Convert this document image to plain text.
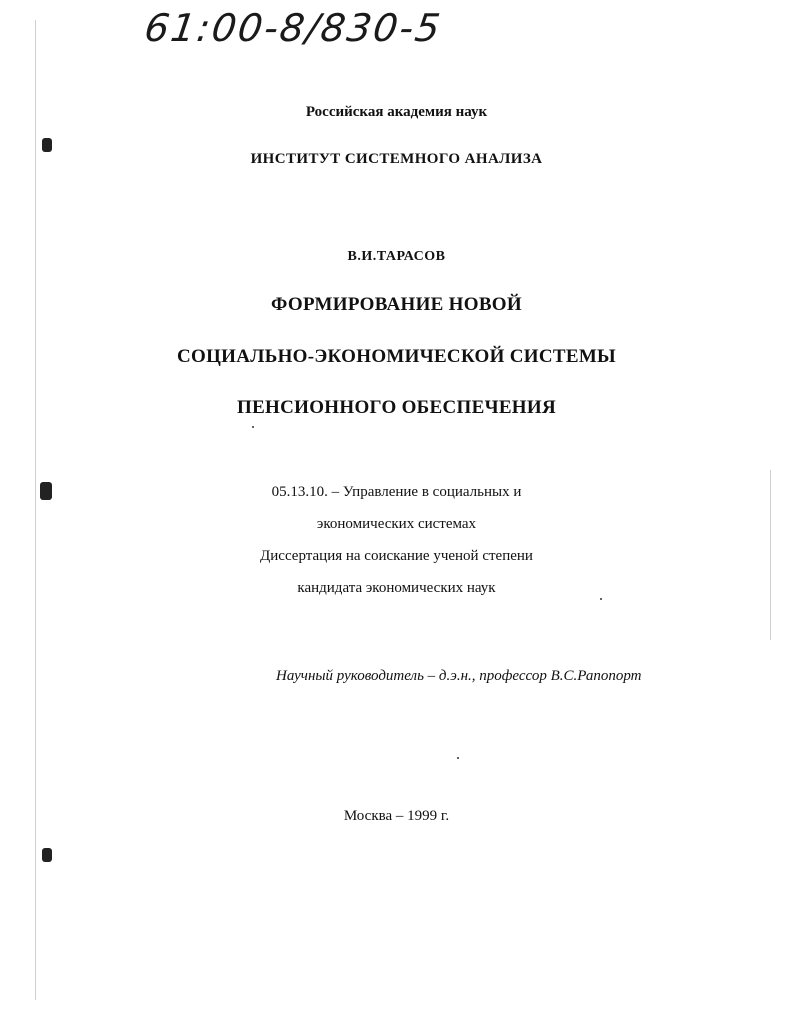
61:00-8/830-5

Российская академия наук

ИНСТИТУТ СИСТЕМНОГО АНАЛИЗА

В.И.ТАРАСОВ

ФОРМИРОВАНИЕ НОВОЙ

СОЦИАЛЬНО-ЭКОНОМИЧЕСКОЙ СИСТЕМЫ

ПЕНСИОННОГО ОБЕСПЕЧЕНИЯ

05.13.10. – Управление в социальных и

экономических системах

Диссертация на соискание ученой степени

кандидата экономических наук

Научный руководитель – д.э.н., профессор В.С.Рапопорт

Москва – 1999 г.
